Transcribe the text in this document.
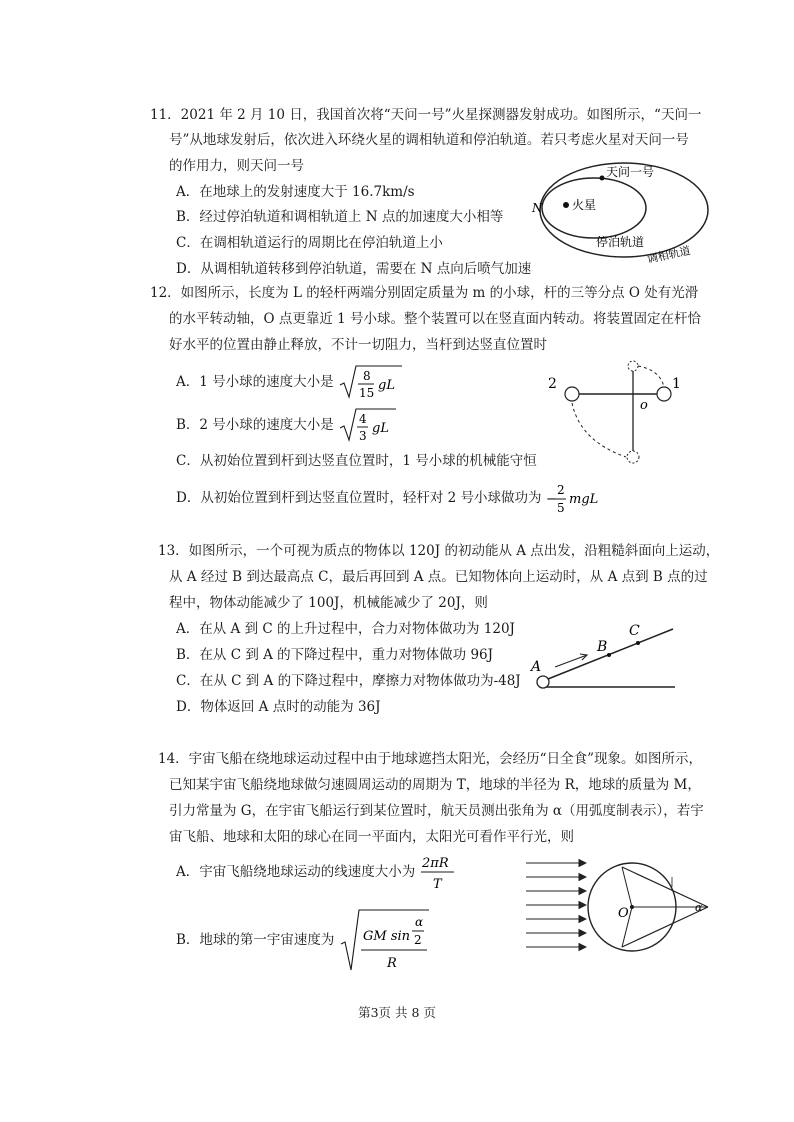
11．2021 年 2 月 10 日，我国首次将“天问一号”火星探测器发射成功。如图所示，“天问一
号”从地球发射后，依次进入环绕火星的调相轨道和停泊轨道。若只考虑火星对天问一号
的作用力，则天问一号
A．在地球上的发射速度大于 16.7km/s
B．经过停泊轨道和调相轨道上 N 点的加速度大小相等
C．在调相轨道运行的周期比在停泊轨道上小
D．从调相轨道转移到停泊轨道，需要在 N 点向后喷气加速
火星
N
天问一号
停泊轨道
调相轨道
12．如图所示，长度为 L 的轻杆两端分别固定质量为 m 的小球，杆的三等分点 O 处有光滑
的水平转动轴，O 点更靠近 1 号小球。整个装置可以在竖直面内转动。将装置固定在杆恰
好水平的位置由静止释放，不计一切阻力，当杆到达竖直位置时
A．1 号小球的速度大小是 8
15 gL
B．2 号小球的速度大小是 4
3 gL
C．从初始位置到杆到达竖直位置时，1 号小球的机械能守恒
D．从初始位置到杆到达竖直位置时，轻杆对 2 号小球做功为 −
2
5
mgL
2	1
o
13．如图所示，一个可视为质点的物体以 120J 的初动能从 A 点出发，沿粗糙斜面向上运动，
从 A 经过 B 到达最高点 C，最后再回到 A 点。已知物体向上运动时，从 A 点到 B 点的过
程中，物体动能减少了 100J，机械能减少了 20J，则
A．在从 A 到 C 的上升过程中，合力对物体做功为 120J
B．在从 C 到 A 的下降过程中，重力对物体做功 96J
C．在从 C 到 A 的下降过程中，摩擦力对物体做功为-48J
D．物体返回 A 点时的动能为 36J
A
B
C
14．宇宙飞船在绕地球运动过程中由于地球遮挡太阳光，会经历“日全食”现象。如图所示，
已知某宇宙飞船绕地球做匀速圆周运动的周期为 T，地球的半径为 R，地球的质量为 M，
引力常量为 G，在宇宙飞船运行到某位置时，航天员测出张角为 α（用弧度制表示），若宇
宙飞船、地球和太阳的球心在同一平面内，太阳光可看作平行光，则
A．宇宙飞船绕地球运动的线速度大小为
2πR
T
B．地球的第一宇宙速度为 GM sin
α
2
R
O	α
第3页 共 8 页
